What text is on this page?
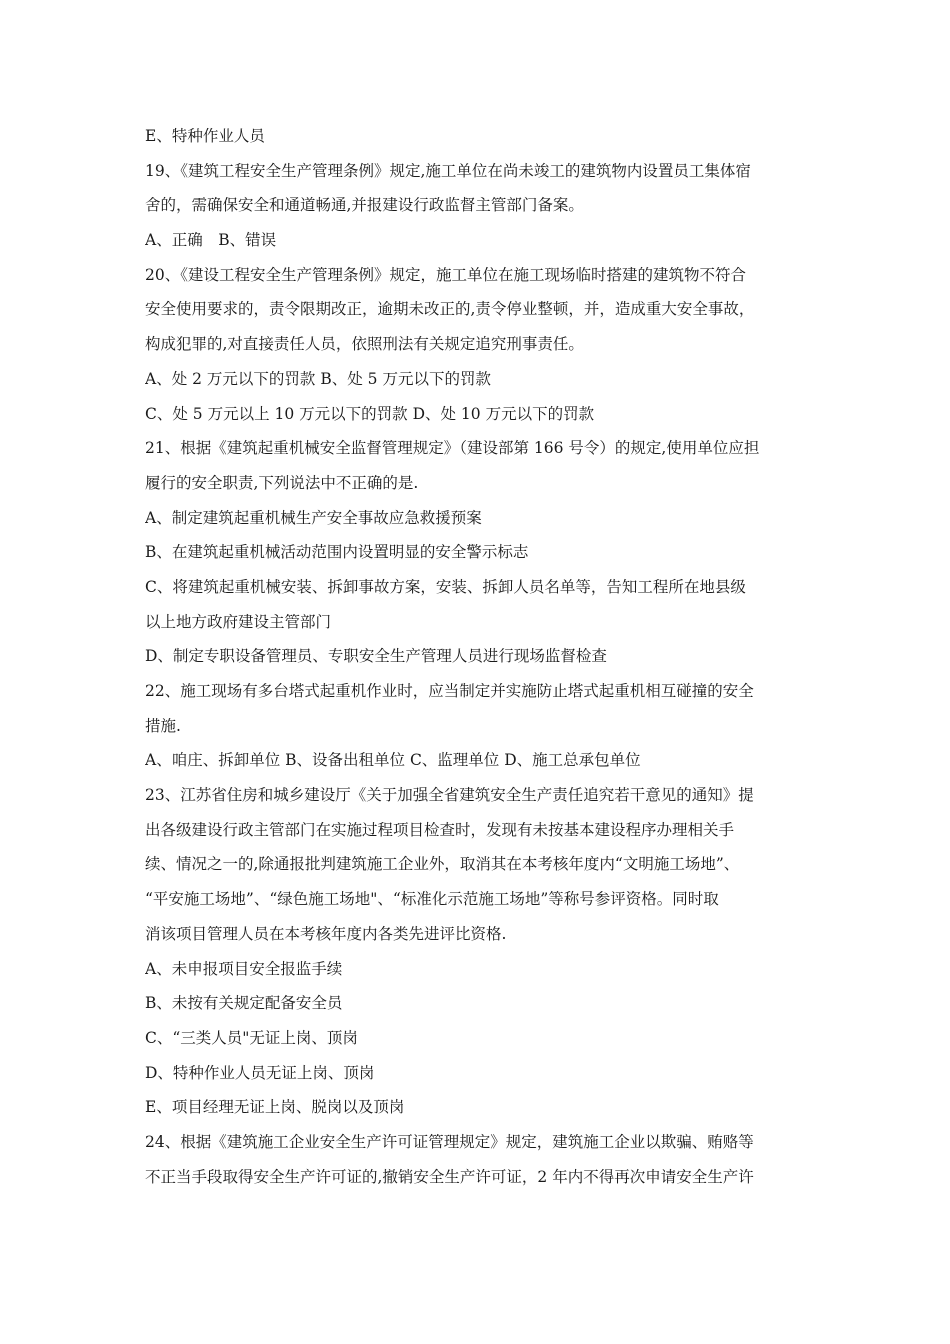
E、特种作业人员
19、《建筑工程安全生产管理条例》规定,施工单位在尚未竣工的建筑物内设置员工集体宿
舍的，需确保安全和通道畅通,并报建设行政监督主管部门备案。
A、正确　B、错误
20、《建设工程安全生产管理条例》规定，施工单位在施工现场临时搭建的建筑物不符合
安全使用要求的，责令限期改正，逾期未改正的,责令停业整顿，并，造成重大安全事故，
构成犯罪的,对直接责任人员，依照刑法有关规定追究刑事责任。
A、处 2 万元以下的罚款 B、处 5 万元以下的罚款
C、处 5 万元以上 10 万元以下的罚款 D、处 10 万元以下的罚款
21、根据《建筑起重机械安全监督管理规定》（建设部第 166 号令）的规定,使用单位应担
履行的安全职责,下列说法中不正确的是.
A、制定建筑起重机械生产安全事故应急救援预案
B、在建筑起重机械活动范围内设置明显的安全警示标志
C、将建筑起重机械安装、拆卸事故方案，安装、拆卸人员名单等，告知工程所在地县级
以上地方政府建设主管部门
D、制定专职设备管理员、专职安全生产管理人员进行现场监督检查
22、施工现场有多台塔式起重机作业时，应当制定并实施防止塔式起重机相互碰撞的安全
措施.
A、咱庄、拆卸单位 B、设备出租单位 C、监理单位 D、施工总承包单位
23、江苏省住房和城乡建设厅《关于加强全省建筑安全生产责任追究若干意见的通知》提
出各级建设行政主管部门在实施过程项目检查时，发现有未按基本建设程序办理相关手
续、情况之一的,除通报批判建筑施工企业外，取消其在本考核年度内“文明施工场地”、
“平安施工场地”、“绿色施工场地"、“标准化示范施工场地”等称号参评资格。同时取
消该项目管理人员在本考核年度内各类先进评比资格.
A、未申报项目安全报监手续
B、未按有关规定配备安全员
C、“三类人员"无证上岗、顶岗
D、特种作业人员无证上岗、顶岗
E、项目经理无证上岗、脱岗以及顶岗
24、根据《建筑施工企业安全生产许可证管理规定》规定，建筑施工企业以欺骗、贿赂等
不正当手段取得安全生产许可证的,撤销安全生产许可证，2 年内不得再次申请安全生产许
